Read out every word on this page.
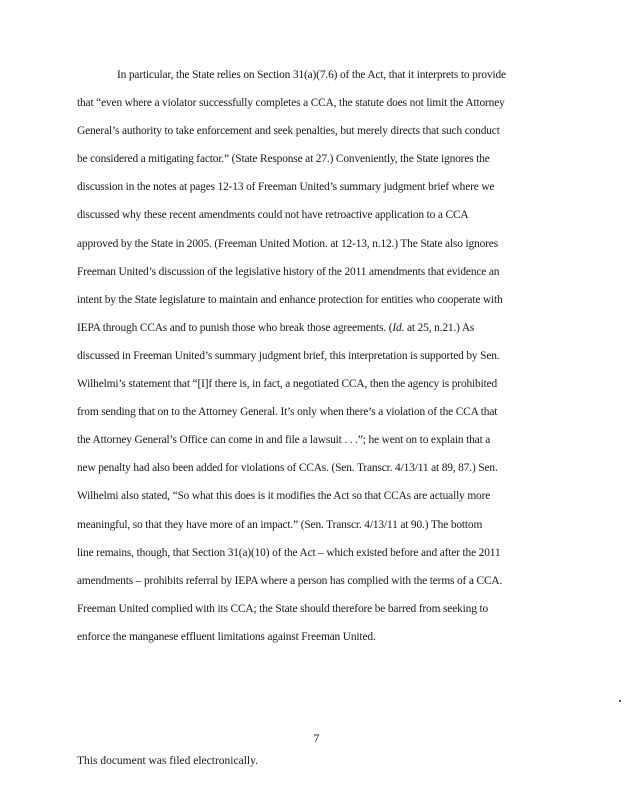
In particular, the State relies on Section 31(a)(7.6) of the Act, that it interprets to provide
that “even where a violator successfully completes a CCA, the statute does not limit the Attorney
General’s authority to take enforcement and seek penalties, but merely directs that such conduct
be considered a mitigating factor.” (State Response at 27.) Conveniently, the State ignores the
discussion in the notes at pages 12-13 of Freeman United’s summary judgment brief where we
discussed why these recent amendments could not have retroactive application to a CCA
approved by the State in 2005. (Freeman United Motion. at 12-13, n.12.) The State also ignores
Freeman United’s discussion of the legislative history of the 2011 amendments that evidence an
intent by the State legislature to maintain and enhance protection for entities who cooperate with
IEPA through CCAs and to punish those who break those agreements. (Id. at 25, n.21.) As
discussed in Freeman United’s summary judgment brief, this interpretation is supported by Sen.
Wilhelmi’s statement that “[I]f there is, in fact, a negotiated CCA, then the agency is prohibited
from sending that on to the Attorney General. It’s only when there’s a violation of the CCA that
the Attorney General’s Office can come in and file a lawsuit . . .”; he went on to explain that a
new penalty had also been added for violations of CCAs. (Sen. Transcr. 4/13/11 at 89, 87.) Sen.
Wilhelmi also stated, “So what this does is it modifies the Act so that CCAs are actually more
meaningful, so that they have more of an impact.” (Sen. Transcr. 4/13/11 at 90.) The bottom
line remains, though, that Section 31(a)(10) of the Act – which existed before and after the 2011
amendments – prohibits referral by IEPA where a person has complied with the terms of a CCA.
Freeman United complied with its CCA; the State should therefore be barred from seeking to
enforce the manganese effluent limitations against Freeman United.
7
This document was filed electronically.
